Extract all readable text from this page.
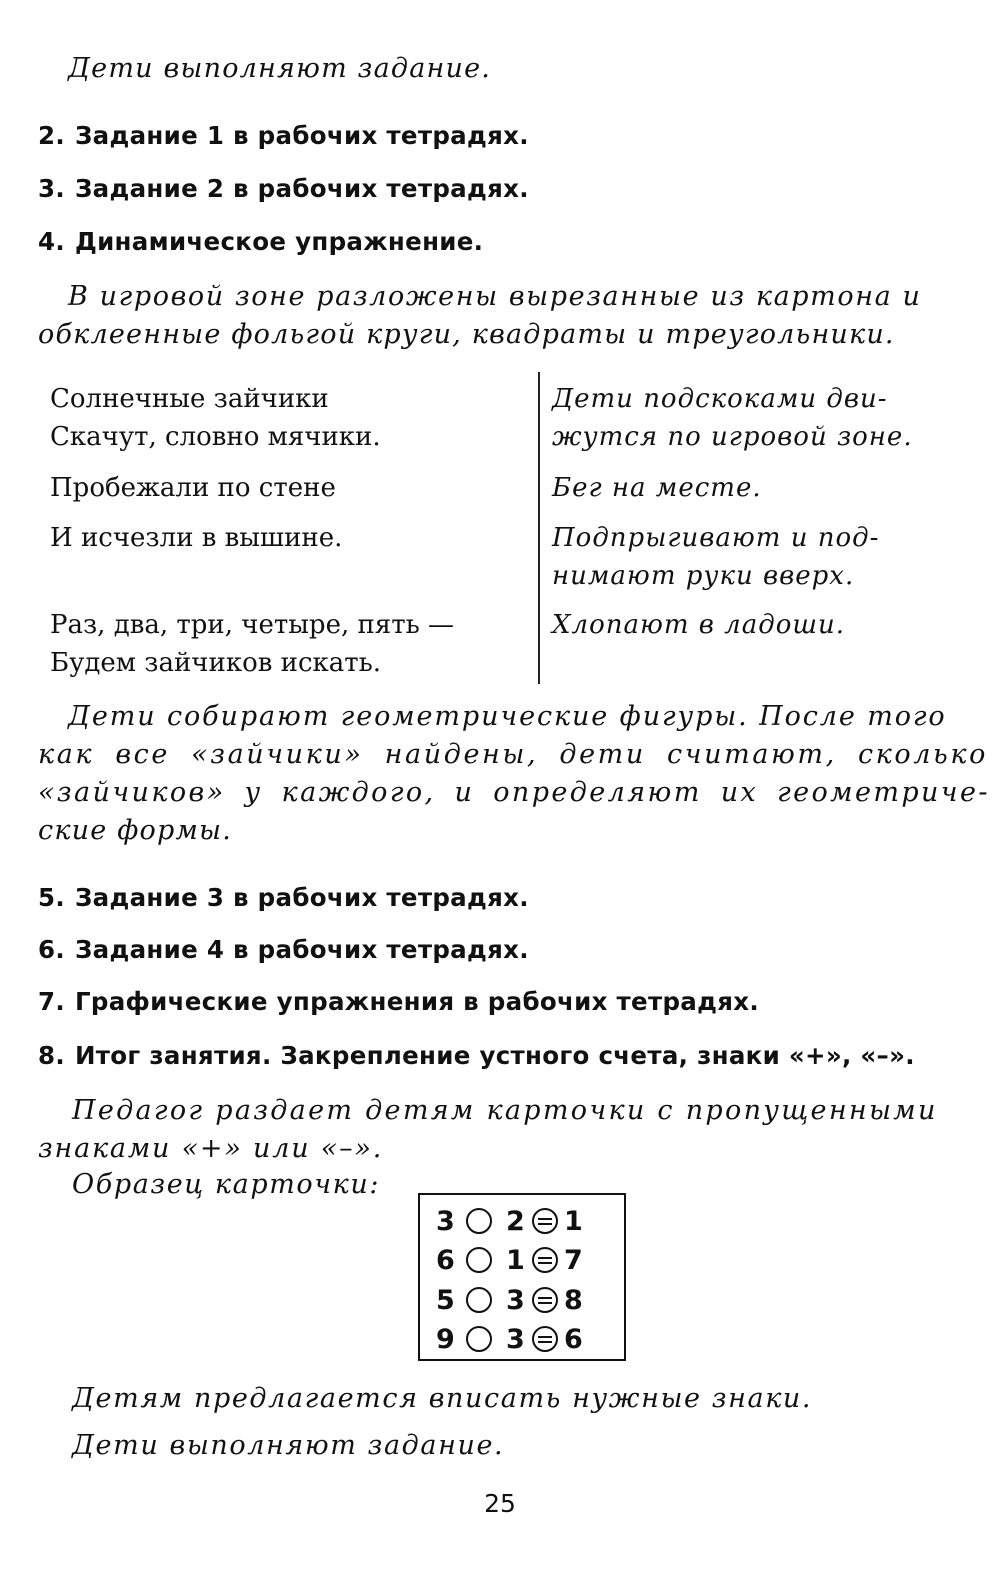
Дети выполняют задание.

2. Задание 1 в рабочих тетрадях.

3. Задание 2 в рабочих тетрадях.

4. Динамическое упражнение.

В игровой зоне разложены вырезанные из картона и

обклеенные фольгой круги, квадраты и треугольники.

Солнечные зайчики

Скачут, словно мячики.

Пробежали по стене

И исчезли в вышине.

Раз, два, три, четыре, пять —

Будем зайчиков искать.

Дети подскоками дви-

жутся по игровой зоне.

Бег на месте.

Подпрыгивают и под-

нимают руки вверх.

Хлопают в ладоши.

Дети собирают геометрические фигуры. После того

как все «зайчики» найдены, дети считают, сколько

«зайчиков» у каждого, и определяют их геометриче-

ские формы.

5. Задание 3 в рабочих тетрадях.

6. Задание 4 в рабочих тетрадях.

7. Графические упражнения в рабочих тетрадях.

8. Итог занятия. Закрепление устного счета, знаки «+», «–».

Педагог раздает детям карточки с пропущенными

знаками «+» или «–».

Образец карточки:

3 2 1
6 1 7
5 3 8
9 3 6

Детям предлагается вписать нужные знаки.

Дети выполняют задание.

25
